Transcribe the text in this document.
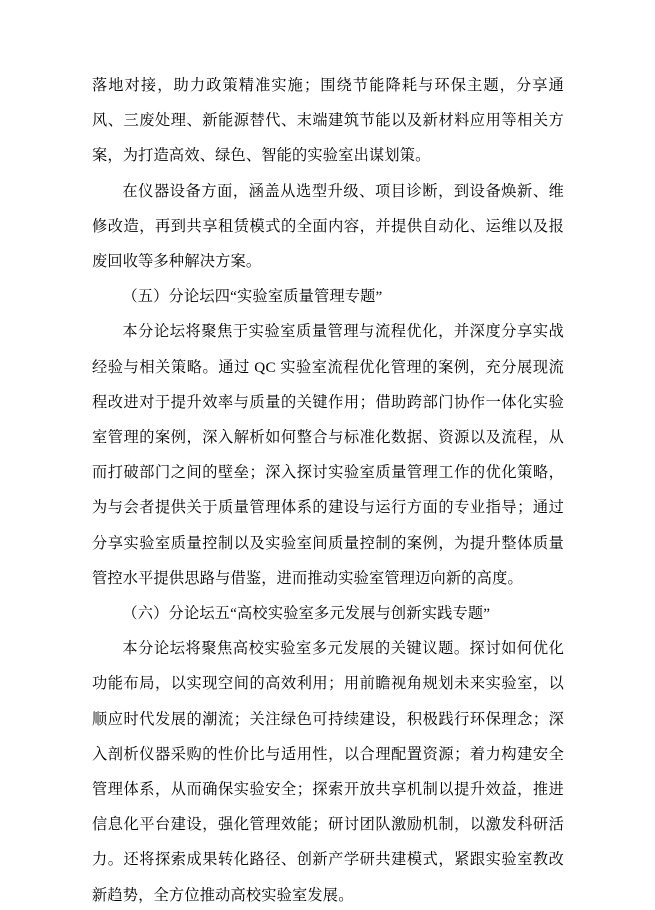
落地对接，助力政策精准实施；围绕节能降耗与环保主题，分享通风、三废处理、新能源替代、末端建筑节能以及新材料应用等相关方案，为打造高效、绿色、智能的实验室出谋划策。

在仪器设备方面，涵盖从选型升级、项目诊断，到设备焕新、维修改造，再到共享租赁模式的全面内容，并提供自动化、运维以及报废回收等多种解决方案。

（五）分论坛四“实验室质量管理专题”

本分论坛将聚焦于实验室质量管理与流程优化，并深度分享实战经验与相关策略。通过 QC 实验室流程优化管理的案例，充分展现流程改进对于提升效率与质量的关键作用；借助跨部门协作一体化实验室管理的案例，深入解析如何整合与标准化数据、资源以及流程，从而打破部门之间的壁垒；深入探讨实验室质量管理工作的优化策略，为与会者提供关于质量管理体系的建设与运行方面的专业指导；通过分享实验室质量控制以及实验室间质量控制的案例，为提升整体质量管控水平提供思路与借鉴，进而推动实验室管理迈向新的高度。

（六）分论坛五“高校实验室多元发展与创新实践专题”

本分论坛将聚焦高校实验室多元发展的关键议题。探讨如何优化功能布局，以实现空间的高效利用；用前瞻视角规划未来实验室，以顺应时代发展的潮流；关注绿色可持续建设，积极践行环保理念；深入剖析仪器采购的性价比与适用性，以合理配置资源；着力构建安全管理体系，从而确保实验安全；探索开放共享机制以提升效益，推进信息化平台建设，强化管理效能；研讨团队激励机制，以激发科研活力。还将探索成果转化路径、创新产学研共建模式，紧跟实验室教改新趋势，全方位推动高校实验室发展。
